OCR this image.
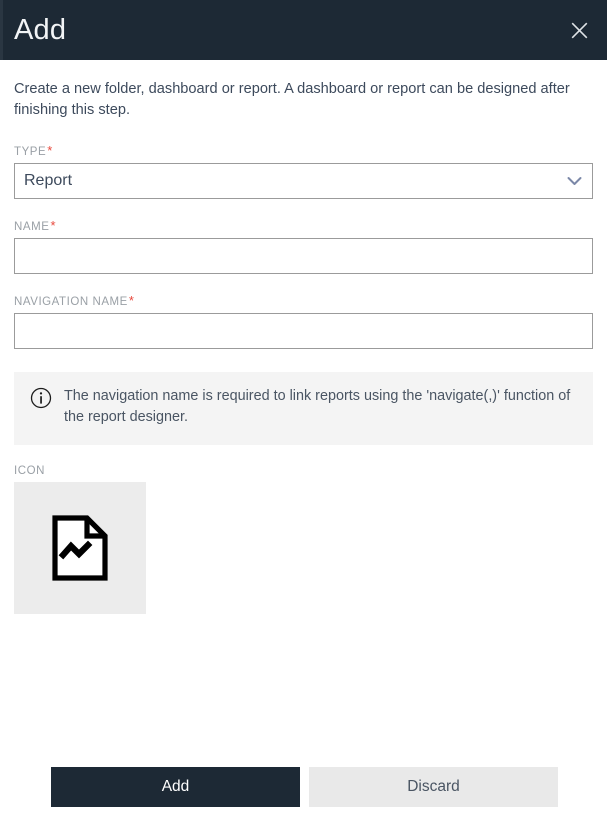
Add
Create a new folder, dashboard or report. A dashboard or report can be designed after finishing this step.
TYPE*
Report
NAME*
NAVIGATION NAME*
The navigation name is required to link reports using the 'navigate(,)' function of the report designer.
ICON
Add	Discard
